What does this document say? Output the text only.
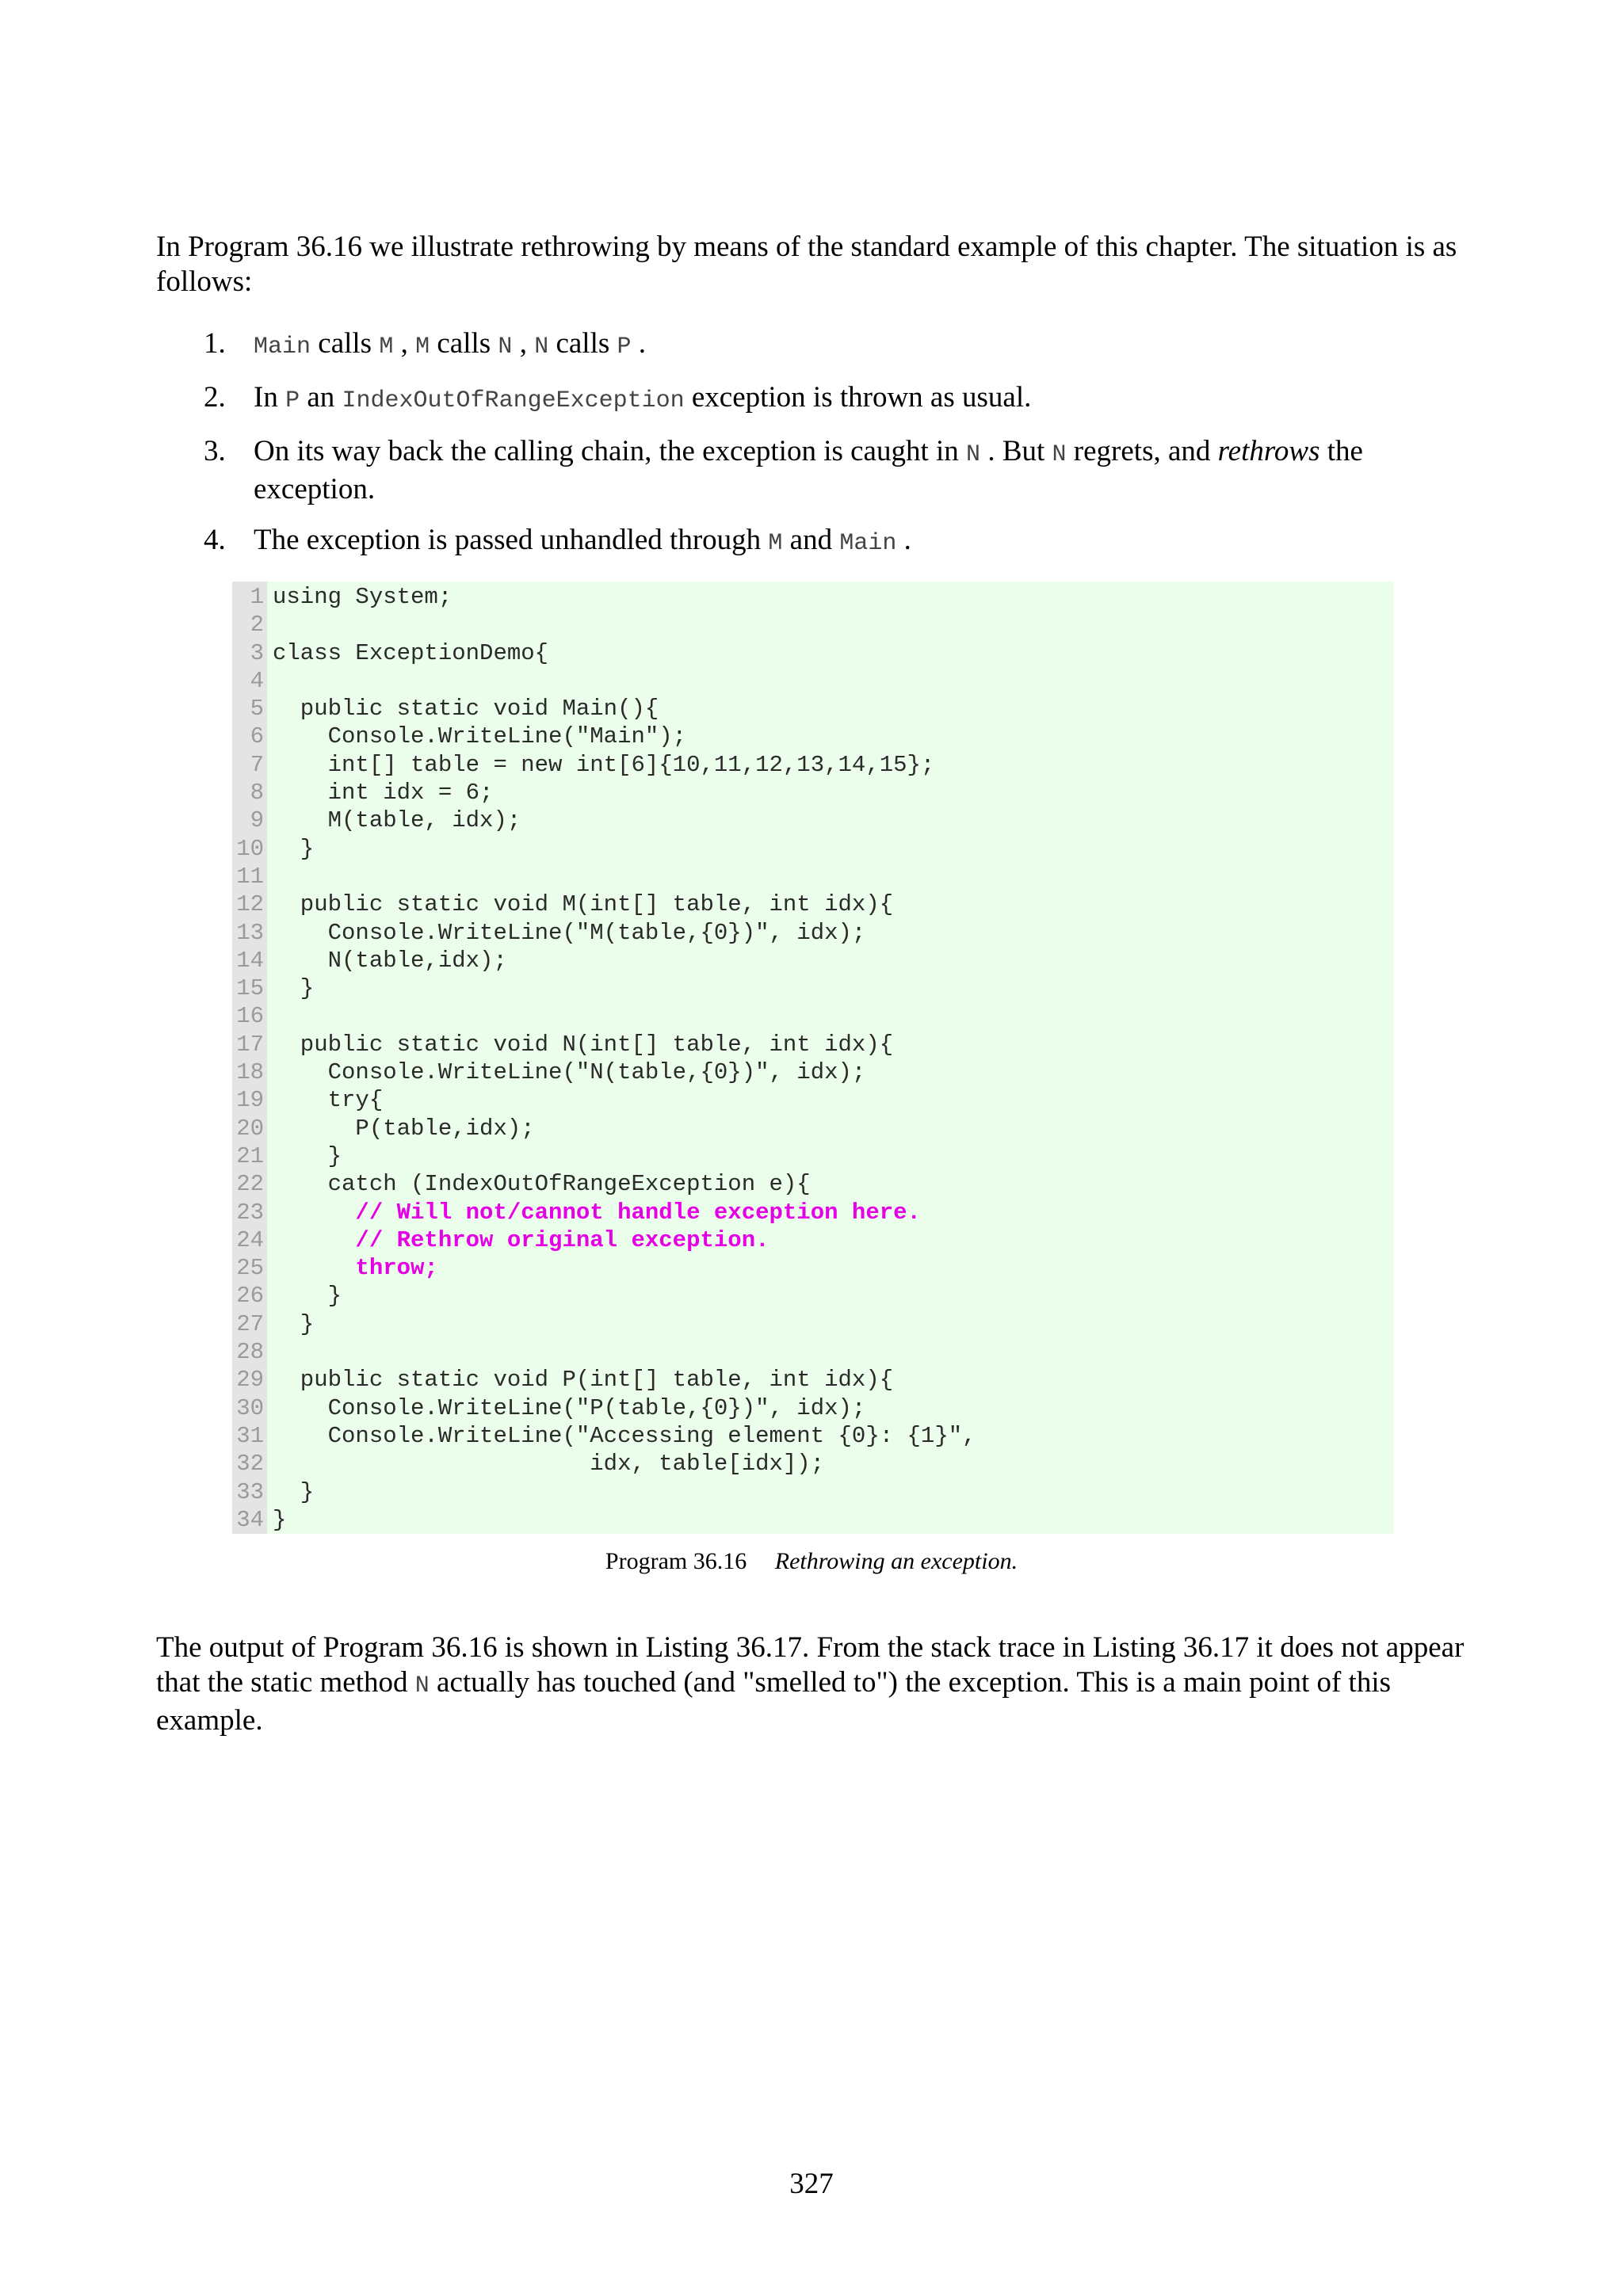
In Program 36.16 we illustrate rethrowing by means of the standard example of this chapter. The situation is as follows:

1. Main calls M , M calls N , N calls P .
2. In P an IndexOutOfRangeException exception is thrown as usual.
3. On its way back the calling chain, the exception is caught in N . But N regrets, and rethrows the exception.
4. The exception is passed unhandled through M and Main .
1
2
3
4
5
6
7
8
9
10
11
12
13
14
15
16
17
18
19
20
21
22
23
24
25
26
27
28
29
30
31
32
33
34
using System;

class ExceptionDemo{

public static void Main(){
Console.WriteLine("Main");
int[] table = new int[6]{10,11,12,13,14,15};
int idx = 6;
M(table, idx);
}

public static void M(int[] table, int idx){
Console.WriteLine("M(table,{0})", idx);
N(table,idx);
}

public static void N(int[] table, int idx){
Console.WriteLine("N(table,{0})", idx);
try{
P(table,idx);
}
catch (IndexOutOfRangeException e){
// Will not/cannot handle exception here.
// Rethrow original exception.
throw;
}
}

public static void P(int[] table, int idx){
Console.WriteLine("P(table,{0})", idx);
Console.WriteLine("Accessing element {0}: {1}",
idx, table[idx]);
}
}
Program 36.16 Rethrowing an exception.

The output of Program 36.16 is shown in Listing 36.17. From the stack trace in Listing 36.17 it does not appear that the static method N actually has touched (and "smelled to") the exception. This is a main point of this example.

327
